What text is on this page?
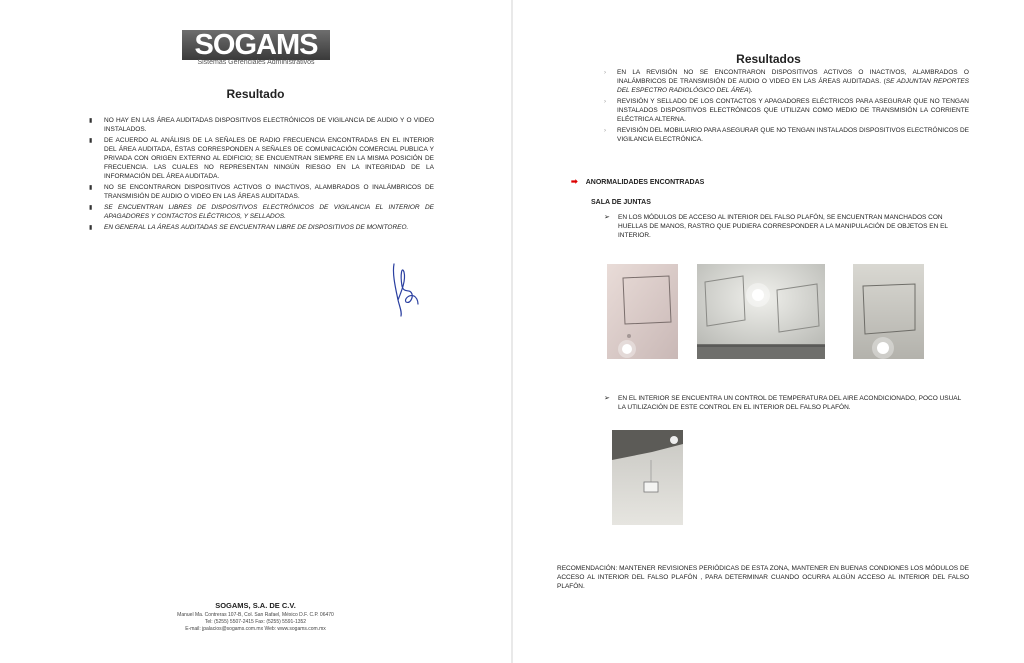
SOGAMS
Sistemas Gerenciales Administrativos
Resultado
▮ NO HAY EN LAS ÁREA AUDITADAS DISPOSITIVOS ELECTRÓNICOS DE VIGILANCIA DE AUDIO Y O VIDEO INSTALADOS.
▮ DE ACUERDO AL ANÁLISIS DE LA SEÑALES DE RADIO FRECUENCIA ENCONTRADAS EN EL INTERIOR DEL ÁREA AUDITADA, ÉSTAS CORRESPONDEN A SEÑALES DE COMUNICACIÓN COMERCIAL PUBLICA Y PRIVADA CON ORIGEN EXTERNO AL EDIFICIO; SE ENCUENTRAN SIEMPRE EN LA MISMA POSICIÓN DE FRECUENCIA. LAS CUALES NO REPRESENTAN NINGÚN RIESGO EN LA INTEGRIDAD DE LA INFORMACIÓN DEL ÁREA AUDITADA.
▮ NO SE ENCONTRARON DISPOSITIVOS ACTIVOS O INACTIVOS, ALAMBRADOS O INALÁMBRICOS DE TRANSMISIÓN DE AUDIO O VIDEO EN LAS ÁREAS AUDITADAS.
▮ SE ENCUENTRAN LIBRES DE DISPOSITIVOS ELECTRÓNICOS DE VIGILANCIA EL INTERIOR DE APAGADORES Y CONTACTOS ELÉCTRICOS, Y SELLADOS.
▮ EN GENERAL LA ÁREAS AUDITADAS SE ENCUENTRAN LIBRE DE DISPOSITIVOS DE MONITOREO.
SOGAMS, S.A. DE C.V.
Manuel Ma. Contreras 107-B, Col. San Rafael, México D.F. C.P. 06470
Tel: (5255) 5507-2415 Fax: (5255) 5591-1352
E-mail: jpalacios@sogams.com.mx Web: www.sogams.com.mx
Resultados
› EN LA REVISIÓN NO SE ENCONTRARON DISPOSITIVOS ACTIVOS O INACTIVOS, ALAMBRADOS O INALÁMBRICOS DE TRANSMISIÓN DE AUDIO O VIDEO EN LAS ÁREAS AUDITADAS. (SE ADJUNTAN REPORTES DEL ESPECTRO RADIOLÓGICO DEL ÁREA).
› REVISIÓN Y SELLADO DE LOS CONTACTOS Y APAGADORES ELÉCTRICOS PARA ASEGURAR QUE NO TENGAN INSTALADOS DISPOSITIVOS ELECTRÓNICOS QUE UTILIZAN COMO MEDIO DE TRANSMISIÓN LA CORRIENTE ELÉCTRICA ALTERNA.
› REVISIÓN DEL MOBILIARIO PARA ASEGURAR QUE NO TENGAN INSTALADOS DISPOSITIVOS ELECTRÓNICOS DE VIGILANCIA ELECTRÓNICA.
➡ ANORMALIDADES ENCONTRADAS
SALA DE JUNTAS
➢ EN LOS MÓDULOS DE ACCESO AL INTERIOR DEL FALSO PLAFÓN, SE ENCUENTRAN MANCHADOS CON HUELLAS DE MANOS, RASTRO QUE PUDIERA CORRESPONDER A LA MANIPULACIÓN DE OBJETOS EN EL INTERIOR.
➢ EN EL INTERIOR SE ENCUENTRA UN CONTROL DE TEMPERATURA DEL AIRE ACONDICIONADO, POCO USUAL LA UTILIZACIÓN DE ESTE CONTROL EN EL INTERIOR DEL FALSO PLAFÓN.
RECOMENDACIÓN: MANTENER REVISIONES PERIÓDICAS DE ESTA ZONA, MANTENER EN BUENAS CONDIONES LOS MÓDULOS DE ACCESO AL INTERIOR DEL FALSO PLAFÓN , PARA DETERMINAR CUANDO OCURRA ALGÚN ACCESO AL INTERIOR DEL FALSO PLAFÓN.
